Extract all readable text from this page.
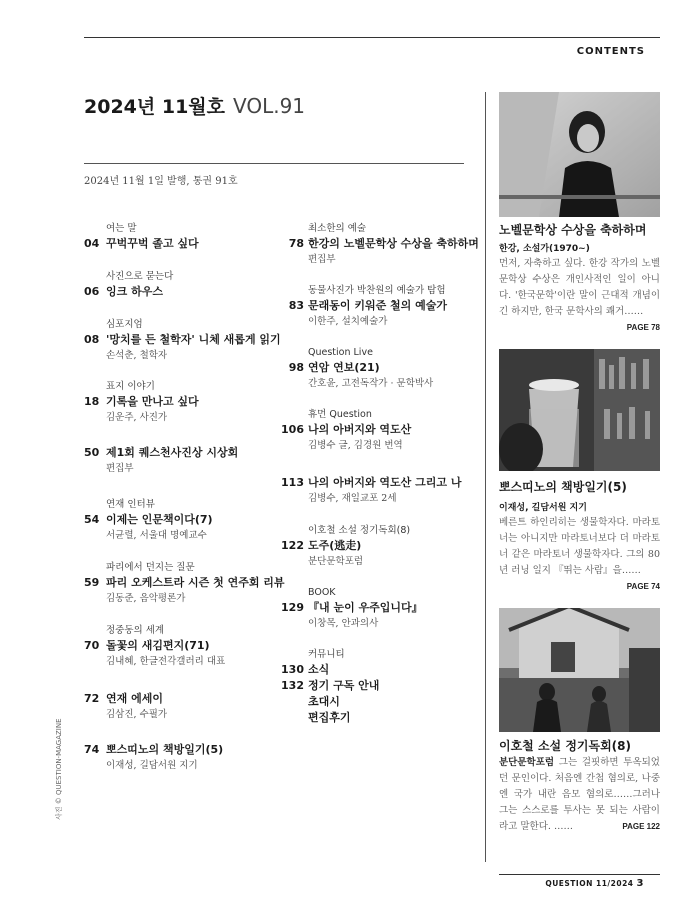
CONTENTS
2024년 11월호 VOL.91
2024년 11월 1일 발행, 통권 91호
여는 말
04 꾸벅꾸벅 졸고 싶다
사진으로 묻는다
06 잉크 하우스
심포지엄
08 '망치를 든 철학자' 니체 새롭게 읽기
손석춘, 철학자
표지 이야기
18 기록을 만나고 싶다
김운주, 사진가
50 제1회 퀘스천사진상 시상회
편집부
연재 인터뷰
54 이제는 인문책이다(7)
서균렬, 서울대 명예교수
파리에서 던지는 질문
59 파리 오케스트라 시즌 첫 연주회 리뷰
김동준, 음악평론가
정중동의 세계
70 돌꽃의 새김편지(71)
김내혜, 한글전각갤러리 대표
72 연재 에세이
김삼진, 수필가
74 뽀스띠노의 책방일기(5)
이재성, 길담서원 지기
최소한의 예술
78 한강의 노벨문학상 수상을 축하하며
편집부
동물사진가 박찬원의 예술가 탐험
83 문래동이 키워준 철의 예술가
이한주, 설치예술가
Question Live
98 연암 연보(21)
간호윤, 고전독작가 · 문학박사
휴먼 Question
106 나의 아버지와 역도산
김병수 글, 김경원 번역
113 나의 아버지와 역도산 그리고 나
김병수, 재일교포 2세
이호철 소설 정기독회(8)
122 도주(逃走)
분단문학포럼
BOOK
129 『내 눈이 우주입니다』
이창목, 안과의사
커뮤니티
130 소식
132 정기 구독 안내
초대시
편집후기
노벨문학상 수상을 축하하며
한강, 소설가(1970~)
먼저, 자축하고 싶다. 한강 작가의 노벨문학상 수상은 개인사적인 일이 아니다. '한국문학'이란 말이 근대적 개념이긴 하지만, 한국 문학사의 쾌거……
PAGE 78
뽀스띠노의 책방일기(5)
이재성, 길담서원 지기
베른트 하인리히는 생물학자다. 마라토너는 아니지만 마라토너보다 더 마라토너 같은 마라토너 생물학자다. 그의 80년 러닝 일지 『뛰는 사람』을……
PAGE 74
이호철 소설 정기독회(8)
분단문학포럼 그는 걸핏하면 투옥되었던 문인이다. 처음엔 간첩 혐의로, 나중엔 국가 내란 음모 혐의로……그러나 그는 스스로를 투사는 못 되는 사람이라고 말한다. ……	PAGE 122
QUESTION 11/2024 3
사진 © QUESTION-MAGAZINE
